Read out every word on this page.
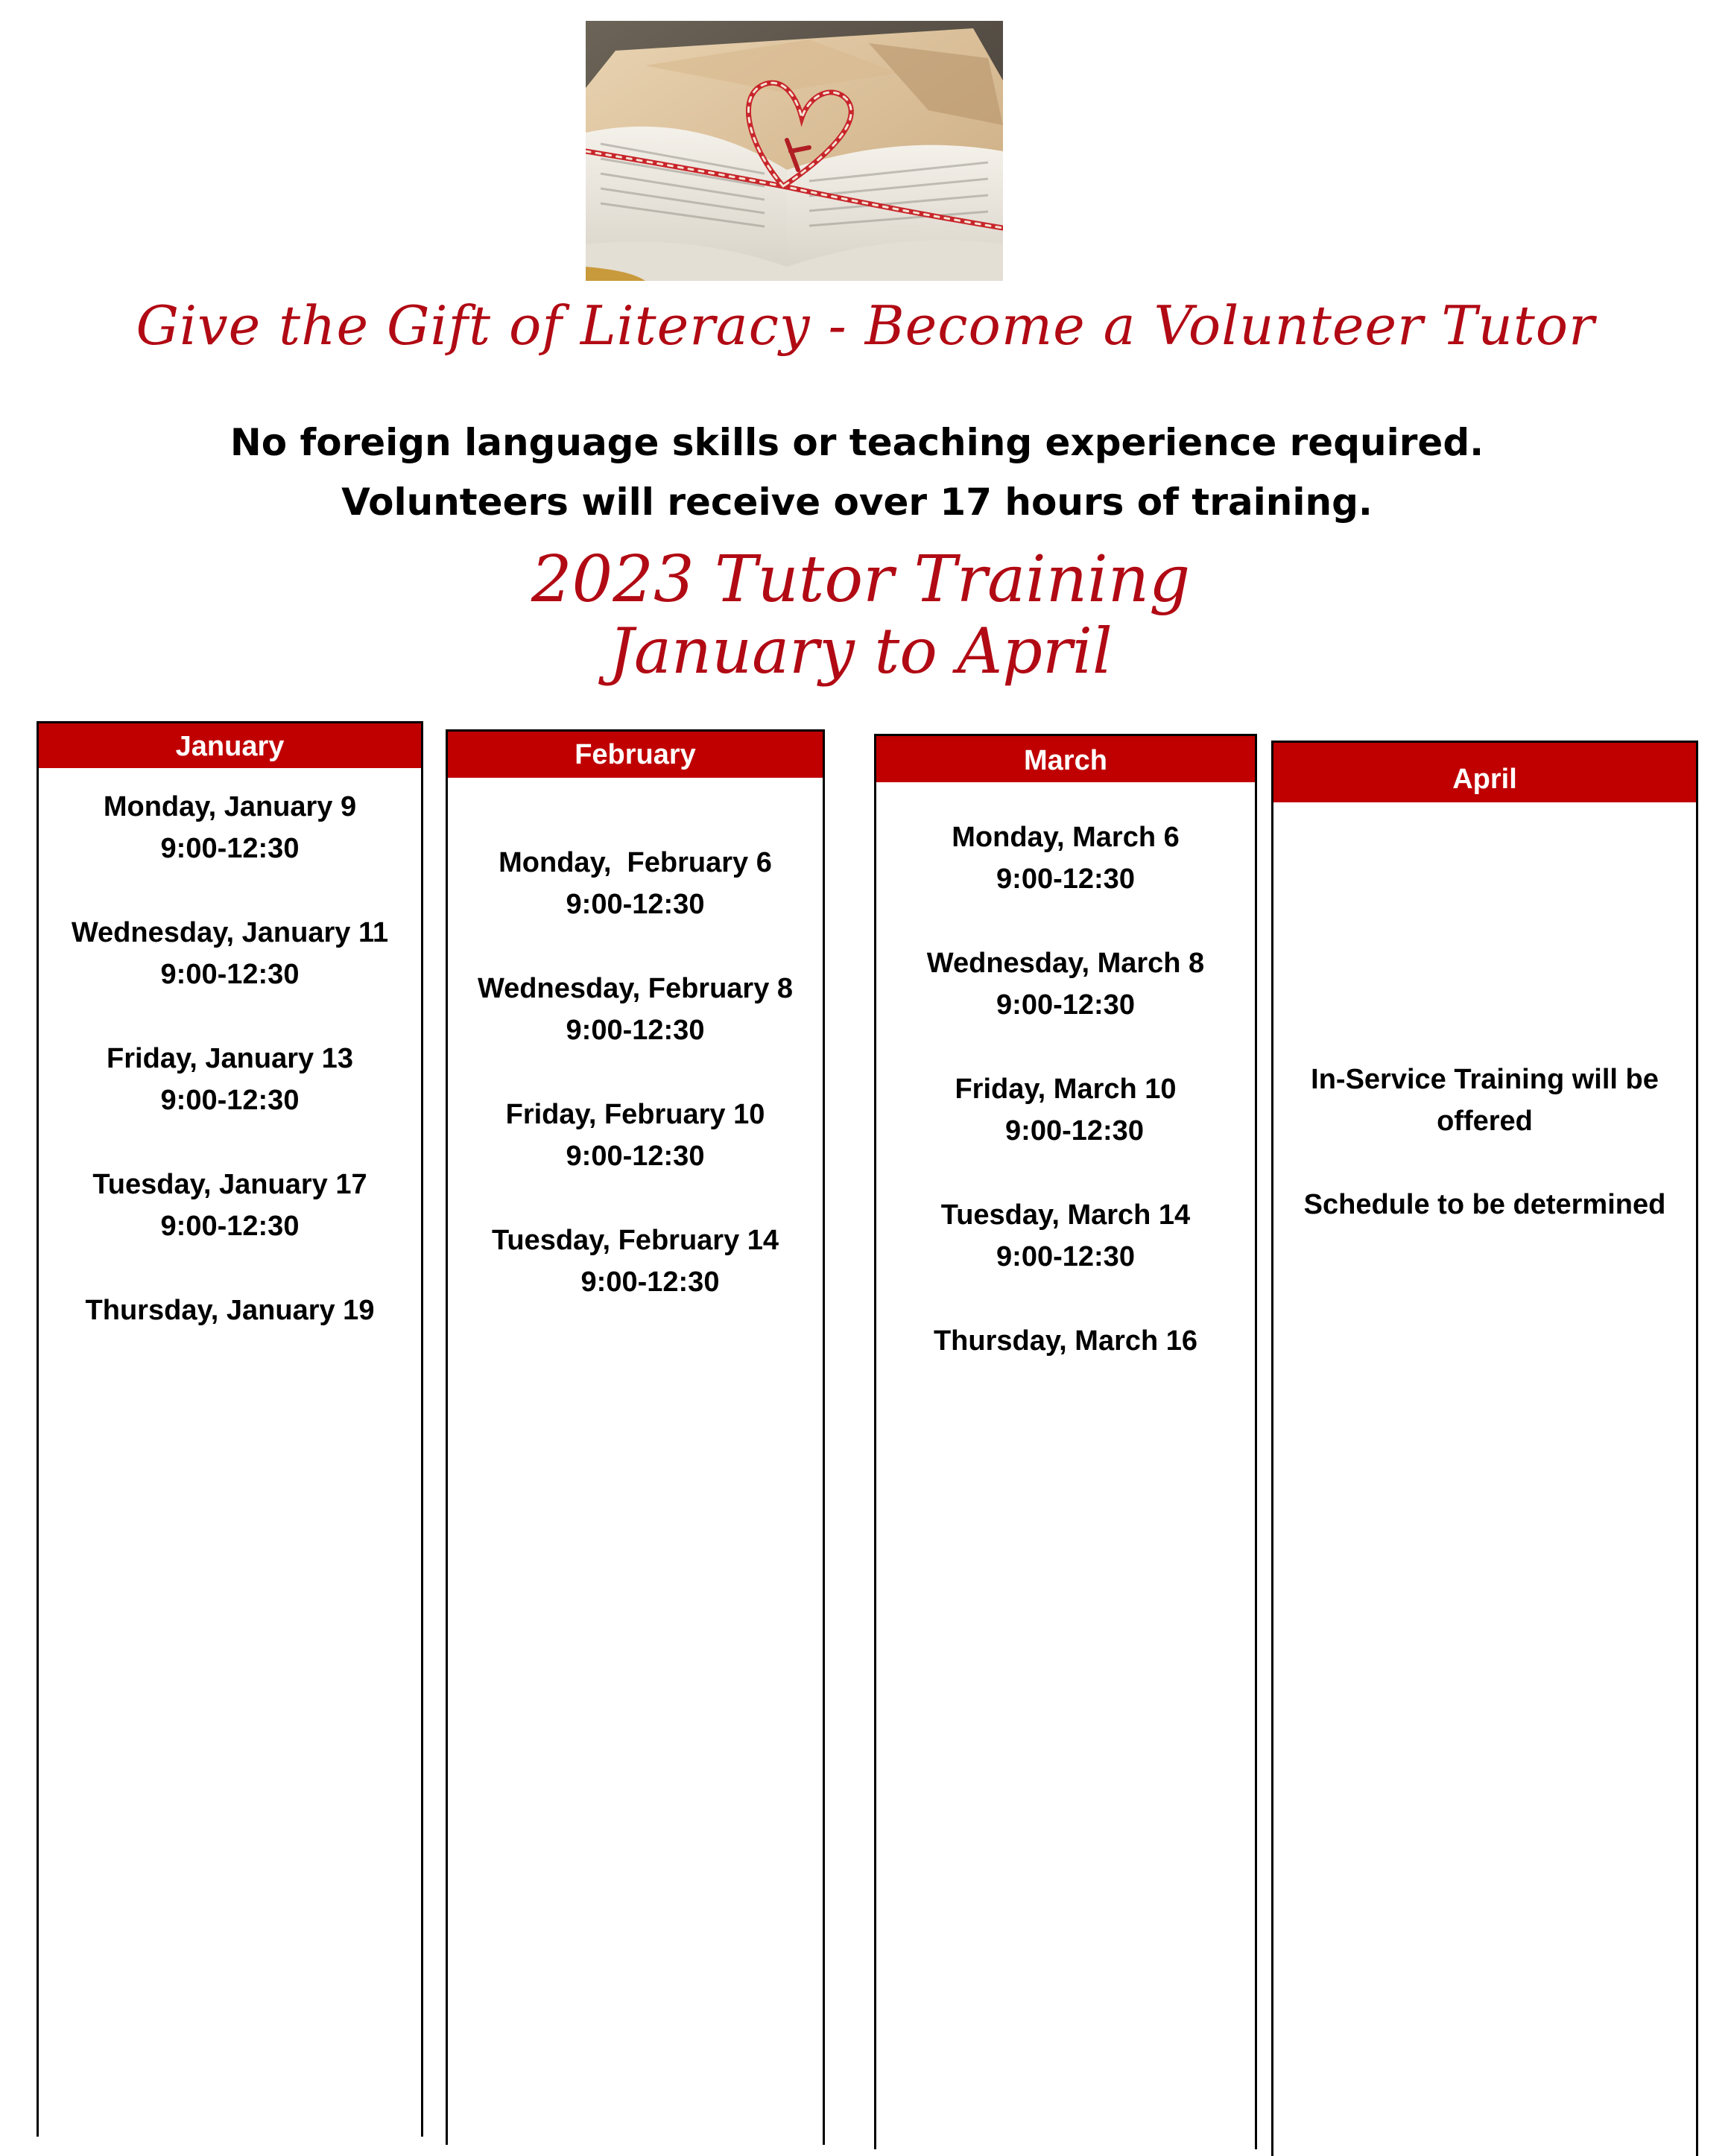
Give the Gift of Literacy - Become a Volunteer Tutor
No foreign language skills or teaching experience required.
Volunteers will receive over 17 hours of training.
2023 Tutor Training
January to April
January
Monday, January 9
9:00-12:30
Wednesday, January 11
9:00-12:30
Friday, January 13
9:00-12:30
Tuesday, January 17
9:00-12:30
Thursday, January 19
February
Monday,  February 6
9:00-12:30
Wednesday, February 8
9:00-12:30
Friday, February 10
9:00-12:30
Tuesday, February 14
9:00-12:30
March
Monday, March 6
9:00-12:30
Wednesday, March 8
9:00-12:30
Friday, March 10
9:00-12:30
Tuesday, March 14
9:00-12:30
Thursday, March 16
April
In-Service Training will be offered
Schedule to be determined
